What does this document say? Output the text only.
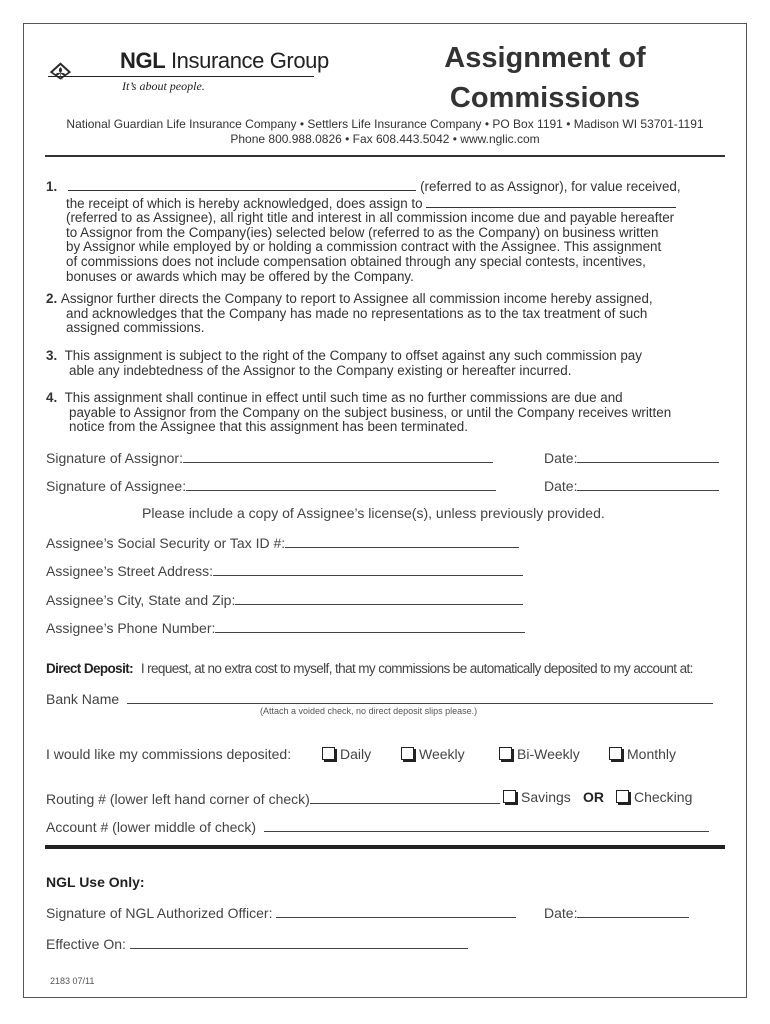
NGL Insurance Group
It’s about people.
Assignment of
Commissions
National Guardian Life Insurance Company • Settlers Life Insurance Company • PO Box 1191 • Madison WI 53701-1191
Phone 800.988.0826 • Fax 608.443.5042 • www.nglic.com
1.	(referred to as Assignor), for value received,
the receipt of which is hereby acknowledged, does assign to
(referred to as Assignee), all right title and interest in all commission income due and payable hereafter
to Assignor from the Company(ies) selected below (referred to as the Company) on business written
by Assignor while employed by or holding a commission contract with the Assignee. This assignment
of commissions does not include compensation obtained through any special contests, incentives,
bonuses or awards which may be offered by the Company.
2. Assignor further directs the Company to report to Assignee all commission income hereby assigned,
and acknowledges that the Company has made no representations as to the tax treatment of such
assigned commissions.
3. This assignment is subject to the right of the Company to offset against any such commission pay
able any indebtedness of the Assignor to the Company existing or hereafter incurred.
4. This assignment shall continue in effect until such time as no further commissions are due and
payable to Assignor from the Company on the subject business, or until the Company receives written
notice from the Assignee that this assignment has been terminated.
Signature of Assignor:	Date:
Signature of Assignee:	Date:
Please include a copy of Assignee’s license(s), unless previously provided.
Assignee’s Social Security or Tax ID #:
Assignee’s Street Address:
Assignee’s City, State and Zip:
Assignee’s Phone Number:
Direct Deposit: I request, at no extra cost to myself, that my commissions be automatically deposited to my account at:
Bank Name
(Attach a voided check, no direct deposit slips please.)
I would like my commissions deposited:	Daily	Weekly	Bi-Weekly	Monthly
Routing # (lower left hand corner of check)	Savings OR	Checking
Account # (lower middle of check)
NGL Use Only:
Signature of NGL Authorized Officer:	Date:
Effective On:
2183 07/11
